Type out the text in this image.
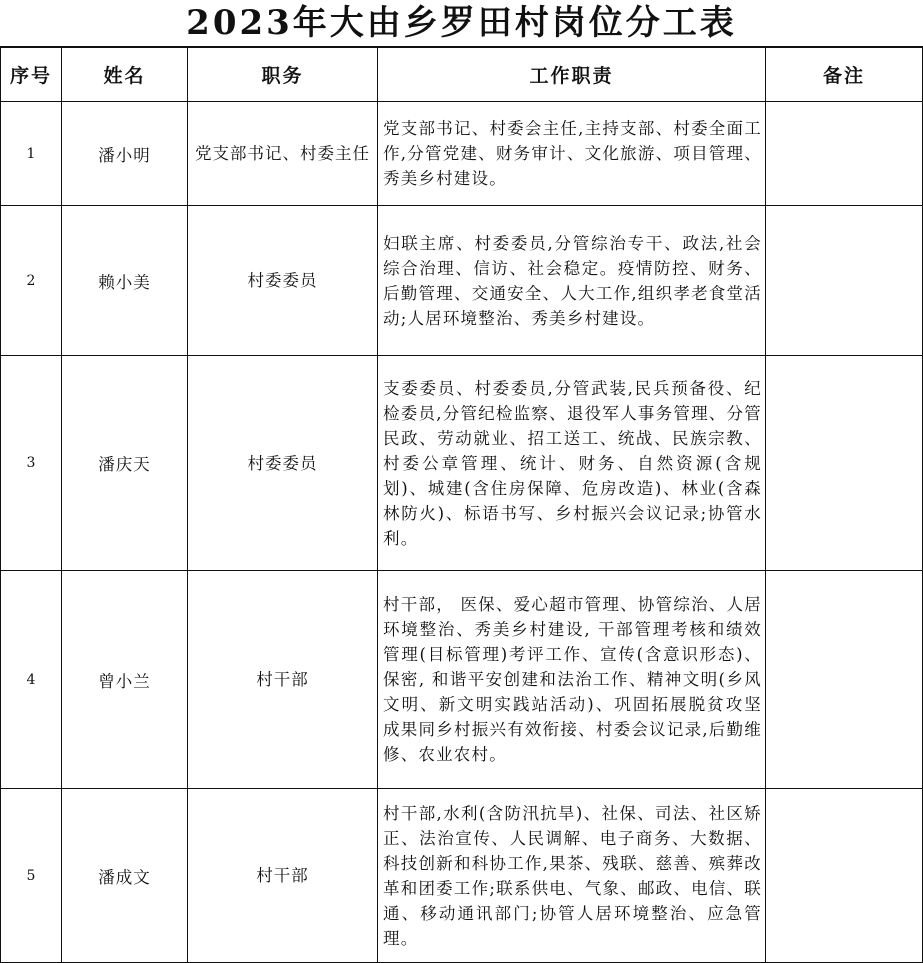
2023年大由乡罗田村岗位分工表
序号	姓名	职务	工作职责	备注
1	潘小明	党支部书记、村委主任	党支部书记、村委会主任,主持支部、村委全面工作,分管党建、财务审计、文化旅游、项目管理、秀美乡村建设。	
2	赖小美	村委委员	妇联主席、村委委员,分管综治专干、政法,社会综合治理、信访、社会稳定。疫情防控、财务、后勤管理、交通安全、人大工作,组织孝老食堂活动;人居环境整治、秀美乡村建设。	
3	潘庆天	村委委员	支委委员、村委委员,分管武装,民兵预备役、纪检委员,分管纪检监察、退役军人事务管理、分管民政、劳动就业、招工送工、统战、民族宗教、村委公章管理、统计、财务、自然资源(含规划)、城建(含住房保障、危房改造)、林业(含森林防火)、标语书写、乡村振兴会议记录;协管水利。	
4	曾小兰	村干部	村干部， 医保、爱心超市管理、协管综治、人居环境整治、秀美乡村建设, 干部管理考核和绩效管理(目标管理)考评工作、宣传(含意识形态)、保密, 和谐平安创建和法治工作、精神文明(乡风文明、新文明实践站活动)、巩固拓展脱贫攻坚成果同乡村振兴有效衔接、村委会议记录,后勤维修、农业农村。	
5	潘成文	村干部	村干部,水利(含防汛抗旱)、社保、司法、社区矫正、法治宣传、人民调解、电子商务、大数据、科技创新和科协工作,果茶、残联、慈善、殡葬改革和团委工作;联系供电、气象、邮政、电信、联通、移动通讯部门;协管人居环境整治、应急管理。	
